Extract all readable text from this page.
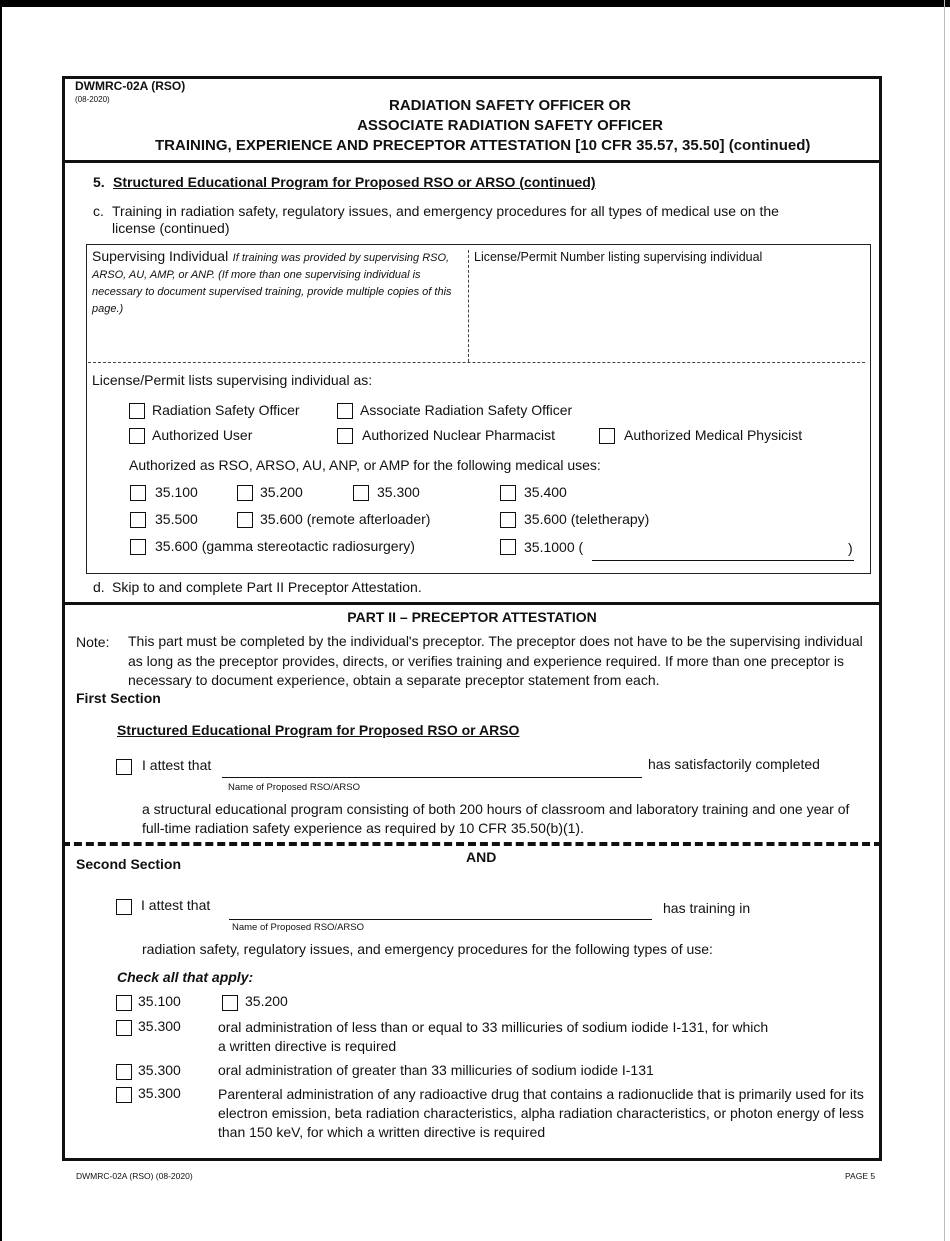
DWMRC-02A (RSO)
(08-2020)	RADIATION SAFETY OFFICER OR
ASSOCIATE RADIATION SAFETY OFFICER
TRAINING, EXPERIENCE AND PRECEPTOR ATTESTATION [10 CFR 35.57, 35.50] (continued)
5. Structured Educational Program for Proposed RSO or ARSO (continued)
c. Training in radiation safety, regulatory issues, and emergency procedures for all types of medical use on the license (continued)
Supervising Individual If training was provided by supervising RSO, ARSO, AU, AMP, or ANP. (If more than one supervising individual is necessary to document supervised training, provide multiple copies of this page.)
License/Permit Number listing supervising individual
License/Permit lists supervising individual as:
Radiation Safety Officer	Associate Radiation Safety Officer
Authorized User	Authorized Nuclear Pharmacist	Authorized Medical Physicist
Authorized as RSO, ARSO, AU, ANP, or AMP for the following medical uses:
35.100	35.200	35.300	35.400
35.500	35.600 (remote afterloader)	35.600 (teletherapy)
35.600 (gamma stereotactic radiosurgery)	35.1000 (	)
d. Skip to and complete Part II Preceptor Attestation.
PART II – PRECEPTOR ATTESTATION
Note: This part must be completed by the individual's preceptor. The preceptor does not have to be the supervising individual as long as the preceptor provides, directs, or verifies training and experience required. If more than one preceptor is necessary to document experience, obtain a separate preceptor statement from each.
First Section
Structured Educational Program for Proposed RSO or ARSO
I attest that
Name of Proposed RSO/ARSO
has satisfactorily completed
a structural educational program consisting of both 200 hours of classroom and laboratory training and one year of full-time radiation safety experience as required by 10 CFR 35.50(b)(1).
AND
Second Section
I attest that
Name of Proposed RSO/ARSO
has training in
radiation safety, regulatory issues, and emergency procedures for the following types of use:
Check all that apply:
35.100	35.200
35.300	oral administration of less than or equal to 33 millicuries of sodium iodide I-131, for which a written directive is required
35.300	oral administration of greater than 33 millicuries of sodium iodide I-131
35.300	Parenteral administration of any radioactive drug that contains a radionuclide that is primarily used for its electron emission, beta radiation characteristics, alpha radiation characteristics, or photon energy of less than 150 keV, for which a written directive is required
DWMRC-02A (RSO) (08-2020)	PAGE 5
